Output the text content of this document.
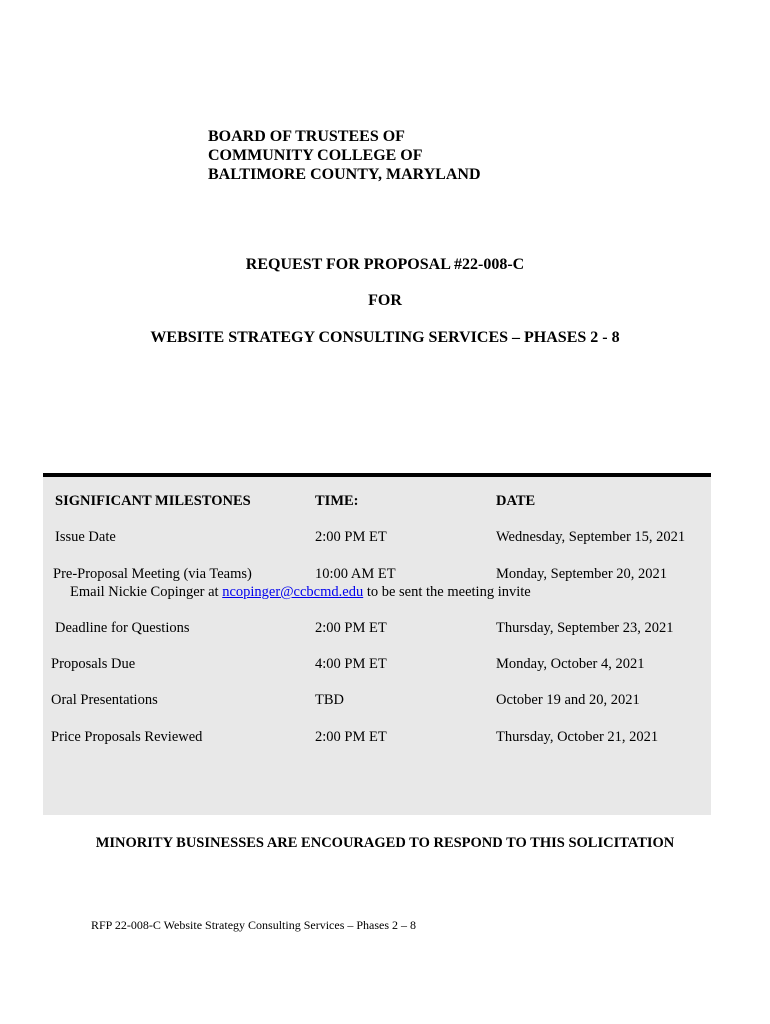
BOARD OF TRUSTEES OF
COMMUNITY COLLEGE OF
BALTIMORE COUNTY, MARYLAND
REQUEST FOR PROPOSAL #22-008-C
FOR
WEBSITE STRATEGY CONSULTING SERVICES – PHASES 2 - 8
SIGNIFICANT MILESTONES	TIME:	DATE
Issue Date	2:00 PM ET	Wednesday, September 15, 2021
Pre-Proposal Meeting (via Teams)	10:00 AM ET	Monday, September 20, 2021
Email Nickie Copinger at ncopinger@ccbcmd.edu to be sent the meeting invite
Deadline for Questions	2:00 PM ET	Thursday, September 23, 2021
Proposals Due	4:00 PM ET	Monday, October 4, 2021
Oral Presentations	TBD	October 19 and 20, 2021
Price Proposals Reviewed	2:00 PM ET	Thursday, October 21, 2021
MINORITY BUSINESSES ARE ENCOURAGED TO RESPOND TO THIS SOLICITATION
RFP 22-008-C Website Strategy Consulting Services – Phases 2 – 8
